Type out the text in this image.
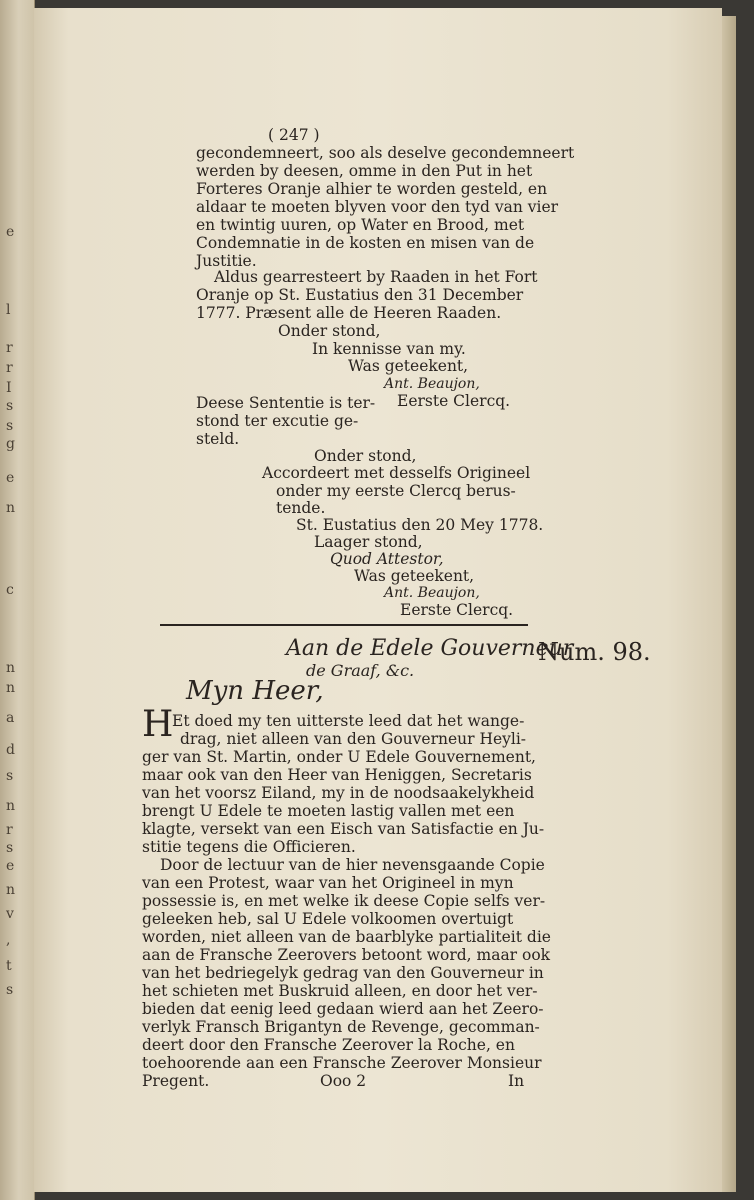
I
r
r
e
s
l
s
g
e
n
c
n
n
a
d
s
n
r
s
e
n
v
,
t
s
( 247 )
gecondemneert, soo als deselve gecondemneert
werden by deesen, omme in den Put in het
Forteres Oranje alhier te worden gesteld, en
aldaar te moeten blyven voor den tyd van vier
en twintig uuren, op Water en Brood, met
Condemnatie in de kosten en misen van de
Justitie.
Aldus gearresteert by Raaden in het Fort
Oranje op St. Eustatius den 31 December
1777. Præsent alle de Heeren Raaden.
Onder stond,
In kennisse van my.
Was geteekent,
Ant. Beaujon,
Eerste Clercq.
Deese Sententie is ter-
stond ter excutie ge-
steld.
Onder stond,
Accordeert met desselfs Origineel
onder my eerste Clercq berus-
tende.
St. Eustatius den 20 Mey 1778.
Laager stond,
Quod Attestor,
Was geteekent,
Ant. Beaujon,
Eerste Clercq.
Aan de Edele Gouverneur
Num. 98.
de Graaf, &c.
Myn Heer,
H
Et doed my ten uitterste leed dat het wange-
drag, niet alleen van den Gouverneur Heyli-
ger van St. Martin, onder U Edele Gouvernement,
maar ook van den Heer van Heniggen, Secretaris
van het voorsz Eiland, my in de noodsaakelykheid
brengt U Edele te moeten lastig vallen met een
klagte, versekt van een Eisch van Satisfactie en Ju-
stitie tegens die Officieren.
Door de lectuur van de hier nevensgaande Copie
van een Protest, waar van het Origineel in myn
possessie is, en met welke ik deese Copie selfs ver-
geleeken heb, sal U Edele volkoomen overtuigt
worden, niet alleen van de baarblyke partialiteit die
aan de Fransche Zeerovers betoont word, maar ook
van het bedriegelyk gedrag van den Gouverneur in
het schieten met Buskruid alleen, en door het ver-
bieden dat eenig leed gedaan wierd aan het Zeero-
verlyk Fransch Brigantyn de Revenge, gecomman-
deert door den Fransche Zeerover la Roche, en
toehoorende aan een Fransche Zeerover Monsieur
Pregent.	Ooo 2	In
